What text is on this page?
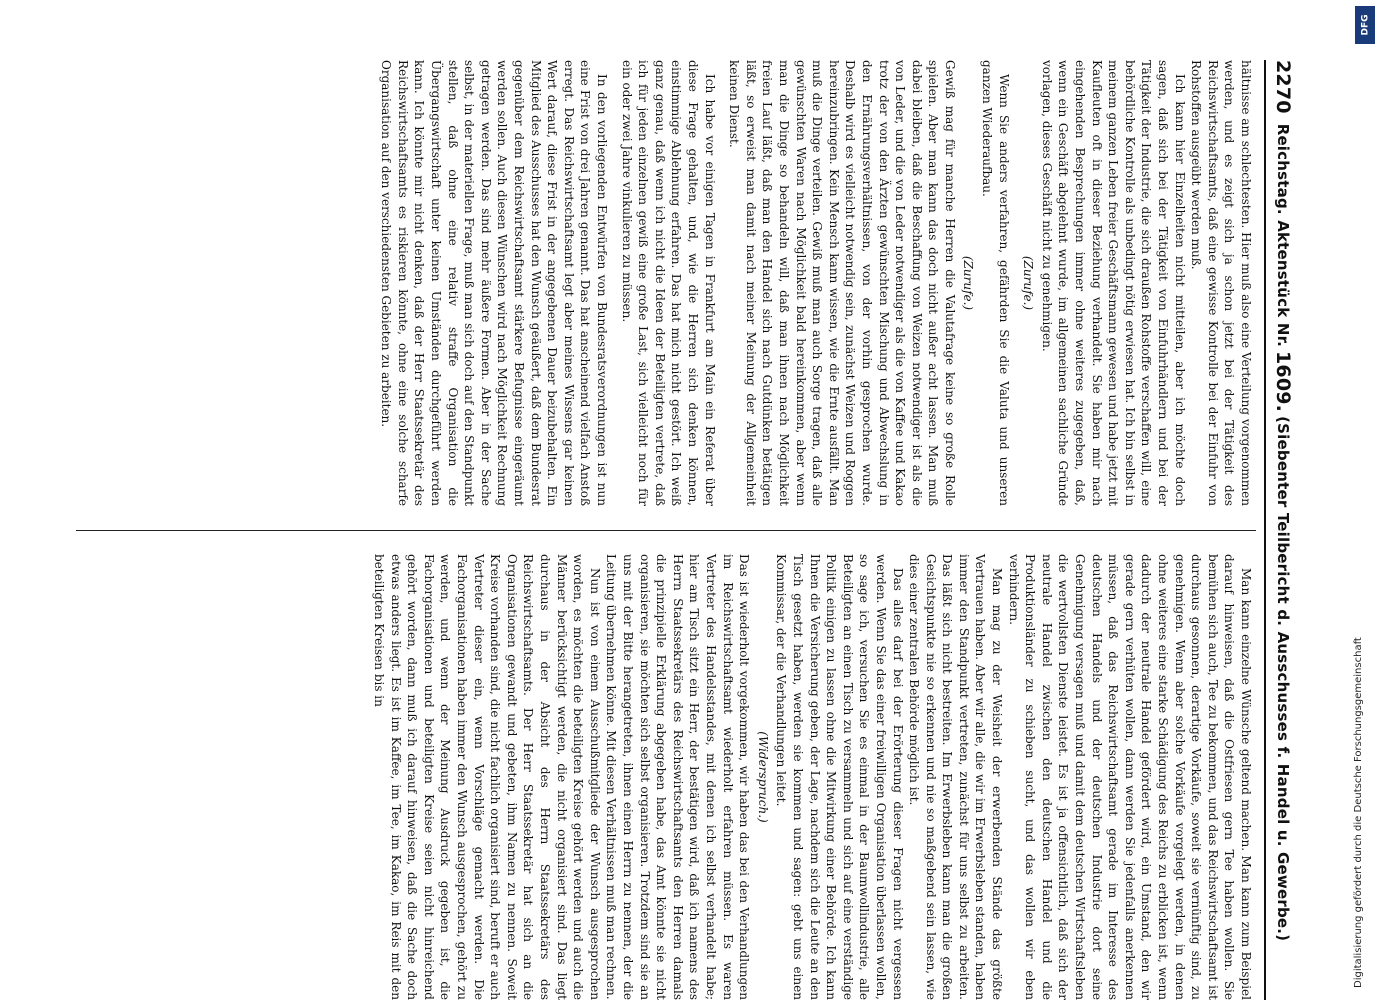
2270
Reichstag. Aktenstück Nr.
1609.
(Siebenter Teilbericht d. Ausschusses f. Handel u. Gewerbe.)

hältnisse am schlechtesten. Hier muß also eine Verteilung vorgenommen werden, und es zeigt sich ja schon jetzt bei der Tätigkeit des Reichswirtschaftsamts, daß eine gewisse Kontrolle bei der Einfuhr von Rohstoffen ausgeübt werden muß.

Ich kann hier Einzelheiten nicht mitteilen, aber ich möchte doch sagen, daß sich bei der Tätigkeit von Einfuhrhändlern und bei der Tätigkeit der Industrie, die sich draußen Rohstoffe verschaffen will, eine behördliche Kontrolle als unbedingt nötig erwiesen hat. Ich bin selbst in meinem ganzen Leben freier Geschäftsmann gewesen und habe jetzt mit Kaufleuten oft in dieser Beziehung verhandelt. Sie haben mir nach eingehenden Besprechungen immer ohne weiteres zugegeben, daß, wenn ein Geschäft abgelehnt wurde, im allgemeinen sachliche Gründe vorlagen, dieses Geschäft nicht zu genehmigen.

(Zurufe.)

Wenn Sie anders verfahren, gefährden Sie die Valuta und unseren ganzen Wiederaufbau.

(Zurufe.)

Gewiß mag für manche Herren die Valutafrage keine so große Rolle spielen. Aber man kann das doch nicht außer acht lassen. Man muß dabei bleiben, daß die Beschaffung von Weizen notwendiger ist als die von Leder, und die von Leder notwendiger als die von Kaffee und Kakao trotz der von den Ärzten gewünschten Mischung und Abwechslung in den Ernährungsverhältnissen, von der vorhin gesprochen wurde. Deshalb wird es vielleicht notwendig sein, zunächst Weizen und Roggen hereinzubringen. Kein Mensch kann wissen, wie die Ernte ausfällt. Man muß die Dinge verteilen. Gewiß muß man auch Sorge tragen, daß alle gewünschten Waren nach Möglichkeit bald hereinkommen, aber wenn man die Dinge so behandeln will, daß man ihnen nach Möglichkeit freien Lauf läßt, daß man den Handel sich nach Gutdünken betätigen läßt, so erweist man damit nach meiner Meinung der Allgemeinheit keinen Dienst.

Ich habe vor einigen Tagen in Frankfurt am Main ein Referat über diese Frage gehalten, und, wie die Herren sich denken können, einstimmige Ablehnung erfahren. Das hat mich nicht gestört. Ich weiß ganz genau, daß wenn ich nicht die Ideen der Beteiligten vertrete, daß ich für jeden einzelnen gewiß eine große Last, sich vielleicht noch für ein oder zwei Jahre vinkulieren zu müssen.

In den vorliegenden Entwürfen von Bundesratsverordnungen ist nun eine Frist von drei Jahren genannt. Das hat anscheinend vielfach Anstoß erregt. Das Reichswirtschaftsamt legt aber meines Wissens gar keinen Wert darauf, diese Frist in der angegebenen Dauer beizubehalten. Ein Mitglied des Ausschusses hat den Wunsch geäußert, daß dem Bundesrat gegenüber dem Reichswirtschaftsamt stärkere Befugnisse eingeräumt werden sollen. Auch diesen Wünschen wird nach Möglichkeit Rechnung getragen werden. Das sind mehr äußere Formen. Aber in der Sache selbst, in der materiellen Frage, muß man sich doch auf den Standpunkt stellen, daß ohne eine relativ straffe Organisation die Übergangswirtschaft unter keinen Umständen durchgeführt werden kann. Ich könnte mir nicht denken, daß der Herr Staatssekretär des Reichswirtschaftsamts es riskieren könnte, ohne eine solche scharfe Organisation auf den verschiedensten Gebieten zu arbeiten.

Man kann einzelne Wünsche geltend machen. Man kann zum Beispiel darauf hinweisen, daß die Ostfriesen gern Tee haben wollen. Sie bemühen sich auch, Tee zu bekommen, und das Reichswirtschaftsamt ist durchaus gesonnen, derartige Vorkäufe, soweit sie vernünftig sind, zu genehmigen. Wenn aber solche Vorkäufe vorgelegt werden, in denen ohne weiteres eine starke Schädigung des Reichs zu erblicken ist, wenn dadurch der neutrale Handel gefördert wird, ein Umstand, den wir gerade gern verhüten wollen, dann werden Sie jedenfalls anerkennen müssen, daß das Reichswirtschaftsamt gerade im Interesse des deutschen Handels und der deutschen Industrie dort seine Genehmigung versagen muß und damit dem deutschen Wirtschaftsleben die wertvollsten Dienste leistet. Es ist ja offensichtlich, daß sich der neutrale Handel zwischen den deutschen Handel und die Produktionsländer zu schieben sucht, und das wollen wir eben verhindern.

Man mag zu der Weisheit der erwerbenden Stände das größte Vertrauen haben. Aber wir alle, die wir im Erwerbsleben standen, haben immer den Standpunkt vertreten, zunächst für uns selbst zu arbeiten. Das läßt sich nicht bestreiten. Im Erwerbsleben kann man die großen Gesichtspunkte nie so erkennen und nie so maßgebend sein lassen, wie dies einer zentralen Behörde möglich ist.

Das alles darf bei der Erörterung dieser Fragen nicht vergessen werden. Wenn Sie das einer freiwilligen Organisation überlassen wollen, so sage ich, versuchen Sie es einmal in der Baumwollindustrie, alle Beteiligten an einen Tisch zu versammeln und sich auf eine verständige Politik einigen zu lassen ohne die Mitwirkung einer Behörde. Ich kann Ihnen die Versicherung geben, der Lage, nachdem sich die Leute an den Tisch gesetzt haben, werden sie kommen und sagen: gebt uns einen Kommissar, der die Verhandlungen leitet.

(Widerspruch.)

Das ist wiederholt vorgekommen, wir haben das bei den Verhandlungen im Reichswirtschaftsamt wiederholt erfahren müssen. Es waren Vertreter des Handelsstandes, mit denen ich selbst verhandelt habe; hier am Tisch sitzt ein Herr, der bestätigen wird, daß ich namens des Herrn Staatssekretärs des Reichswirtschaftsamts den Herren damals die prinzipielle Erklärung abgegeben habe, das Amt könnte sie nicht organisieren, sie möchten sich selbst organisieren. Trotzdem sind sie an uns mit der Bitte herangetreten, ihnen einen Herrn zu nennen, der die Leitung übernehmen könne. Mit diesen Verhältnissen muß man rechnen.

Nun ist von einem Ausschußmitgliede der Wunsch ausgesprochen worden, es möchten die beteiligten Kreise gehört werden und auch die Männer berücksichtigt werden, die nicht organisiert sind. Das liegt durchaus in der Absicht des Herrn Staatssekretärs des Reichswirtschaftsamts. Der Herr Staatssekretär hat sich an die Organisationen gewandt und gebeten, ihm Namen zu nennen. Soweit Kreise vorhanden sind, die nicht fachlich organisiert sind, beruft er auch Vertreter dieser ein, wenn Vorschläge gemacht werden. Die Fachorganisationen haben immer den Wunsch ausgesprochen, gehört zu werden, und wenn der Meinung Ausdruck gegeben ist, die Fachorganisationen und beteiligten Kreise seien nicht hinreichend gehört worden, dann muß ich darauf hinweisen, daß die Sache doch etwas anders liegt. Es ist im Kaffee, im Tee, im Kakao, im Reis mit den beteiligten Kreisen bis in

DFG
Digitalisierung gefördert durch die Deutsche Forschungsgemeinschaft
